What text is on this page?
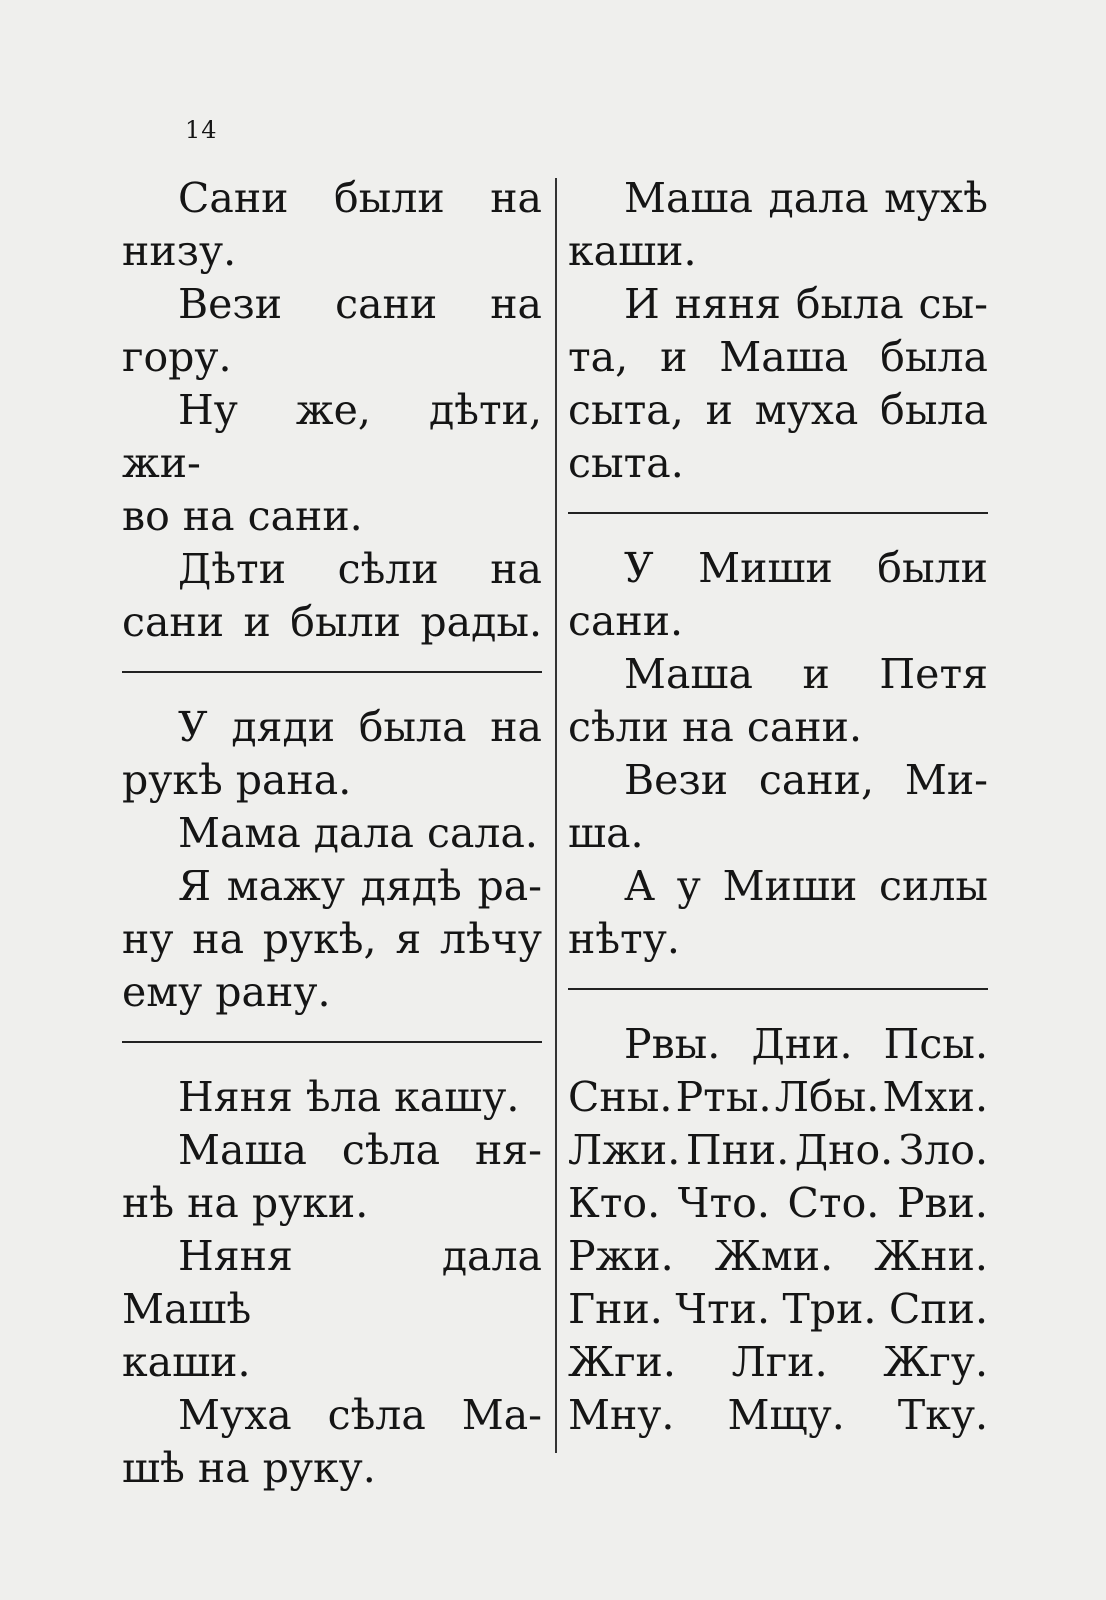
14

Сани были на

низу.

Вези сани на

гору.

Ну же, дѣти, жи-

во на сани.

Дѣти сѣли на

сани и были рады.

У дяди была на

рукѣ рана.

Мама дала сала.

Я мажу дядѣ ра-

ну на рукѣ, я лѣчу

ему рану.

Няня ѣла кашу.

Маша сѣла ня-

нѣ на руки.

Няня дала Машѣ

каши.

Муха сѣла Ма-

шѣ на руку.

Маша дала мухѣ

каши.

И няня была сы-

та, и Маша была

сыта, и муха была

сыта.

У Миши были

сани.

Маша и Петя

сѣли на сани.

Вези сани, Ми-

ша.

А у Миши силы

нѣту.

Рвы. Дни. Псы.
Сны. Рты. Лбы. Мхи.
Лжи. Пни. Дно. Зло.
Кто. Что. Сто. Рви.
Ржи. Жми. Жни.
Гни. Чти. Три. Спи.
Жги. Лги. Жгу.
Мну. Мщу. Тку.
